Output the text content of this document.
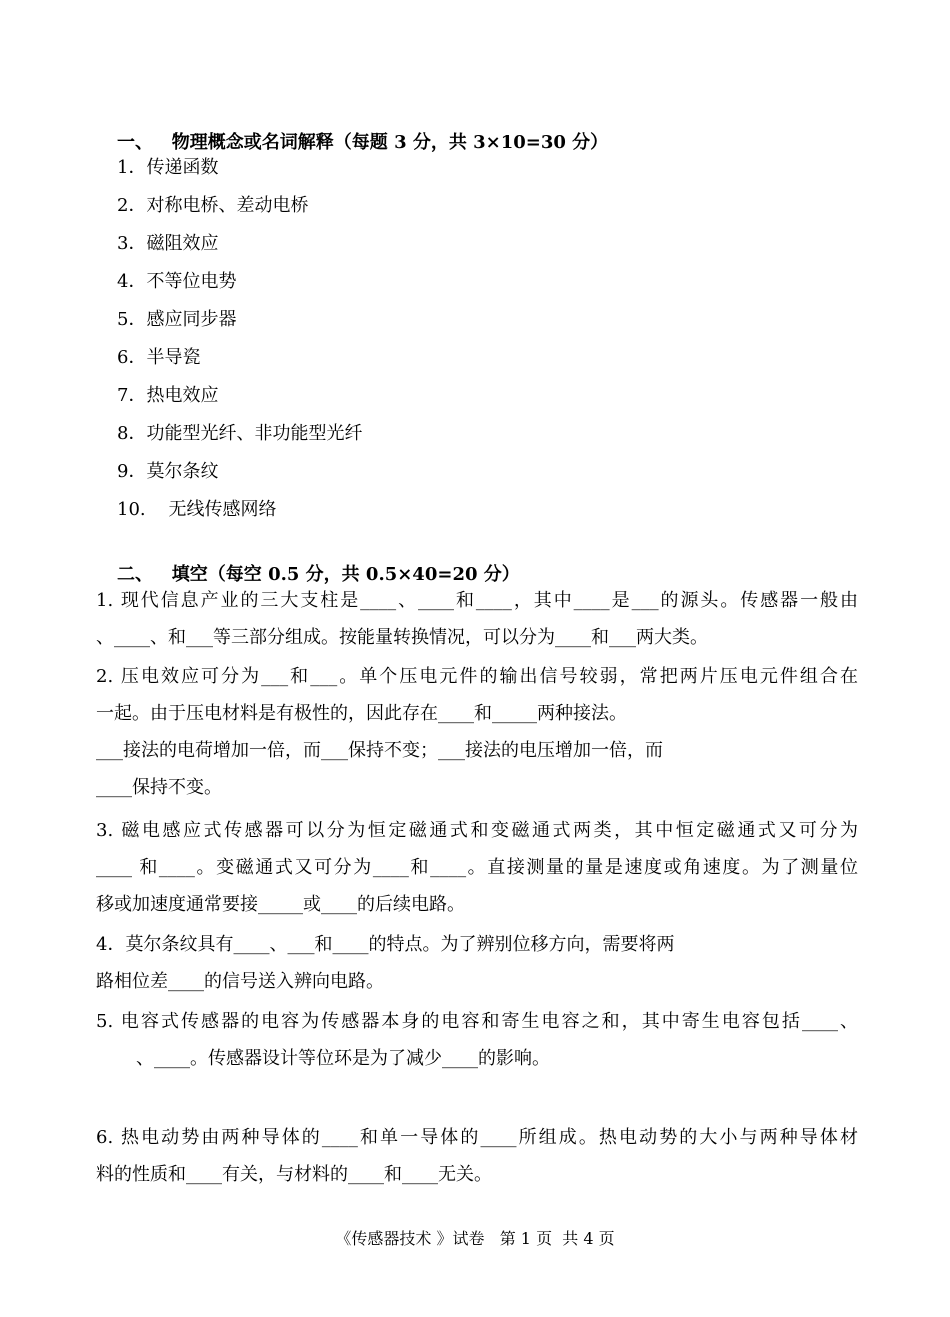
一、   物理概念或名词解释（每题 3 分，共 3×10=30 分）
1．传递函数
2．对称电桥、差动电桥
3．磁阻效应
4．不等位电势
5．感应同步器
6．半导瓷
7．热电效应
8．功能型光纤、非功能型光纤
9．莫尔条纹
10.    无线传感网络
二、   填空（每空 0.5 分，共 0.5×40=20 分）
1. 现代信息产业的三大支柱是____、____和____，其中____是___的源头。传感器一般由
、____、和___等三部分组成。按能量转换情况，可以分为____和___两大类。
2. 压电效应可分为___和___。单个压电元件的输出信号较弱，常把两片压电元件组合在
一起。由于压电材料是有极性的，因此存在____和_____两种接法。
___接法的电荷增加一倍，而___保持不变；___接法的电压增加一倍，而
____保持不变。
3. 磁电感应式传感器可以分为恒定磁通式和变磁通式两类，其中恒定磁通式又可分为
____ 和____。变磁通式又可分为____和____。直接测量的量是速度或角速度。为了测量位
移或加速度通常要接_____或____的后续电路。
4．莫尔条纹具有____、___和____的特点。为了辨别位移方向，需要将两
路相位差____的信号送入辨向电路。
5. 电容式传感器的电容为传感器本身的电容和寄生电容之和，其中寄生电容包括____、
、____。传感器设计等位环是为了减少____的影响。
6. 热电动势由两种导体的____和单一导体的____所组成。热电动势的大小与两种导体材
料的性质和____有关，与材料的____和____无关。
《传感器技术 》试卷   第 1 页  共 4 页
